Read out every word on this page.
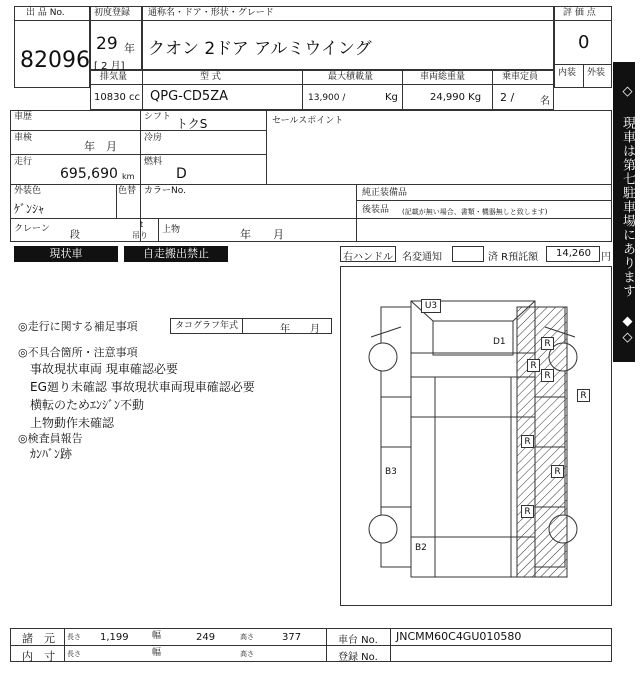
出 品 No.
82096
初度登録
29 年
[ 2 月]
通称名・ドア・形状・グレード
クオン 2ドア アルミウイング
評 価 点
0
内装 外装
排気量	型 式	最大積載量	車両総重量	乗車定員
10830 cc QPG-CD5ZA	13,900 /	Kg	24,990 Kg 2 /	名
車歴	シフト トクS	セールスポイント
車検
年　月
冷房
走行
695,690 km
燃料
D
外装色
ｹﾞﾝｼｬ
色替 カラーNo.	純正装備品
後装品 (記載が無い場合、書類・機器無しと致します)
クレーン
段
t
吊り
上物	年　　月
現状車	自走搬出禁止	◇ 現車は第七駐車場にあります ◆◇
右ハンドル 名変通知	済 R預託額 14,260 円
◎走行に関する補足事項	タコグラフ年式	年　　月
◎不具合箇所・注意事項
事故現状車両 現車確認必要
EG廻り未確認 事故現状車両現車確認必要
横転のためｴﾝｼﾞﾝ不動
上物動作未確認
◎検査員報告
ｶﾝﾊﾞﾝ跡
U3
D1
B3
B2
R
R
R
R
R
R
R
諸　元 長さ 1,199	幅	249	高さ	377	車台 No. JNCMM60C4GU010580
内　寸 長さ	幅	高さ	登録 No.
